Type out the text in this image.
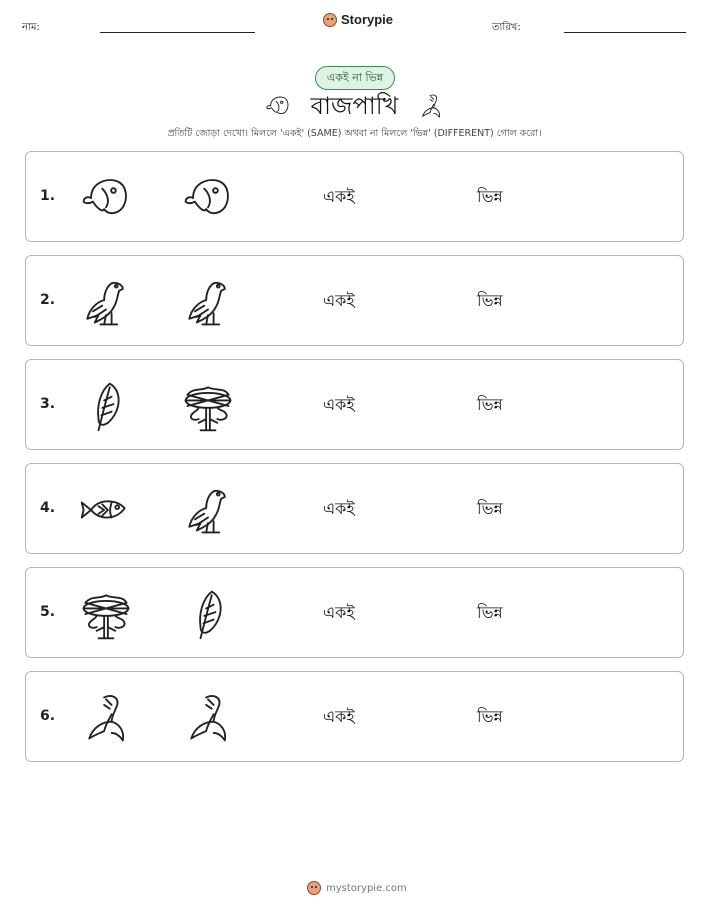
নাম:
Storypie
তারিখ:
একই না ভিন্ন
বাজপাখি
প্রতিটি জোড়া দেখো। মিললে 'একই' (SAME) অথবা না মিললে 'ভিন্ন' (DIFFERENT) গোল করো।
1.	একই	ভিন্ন
2.	একই	ভিন্ন
3.	একই	ভিন্ন
4.	একই	ভিন্ন
5.	একই	ভিন্ন
6.	একই	ভিন্ন
mystorypie.com
